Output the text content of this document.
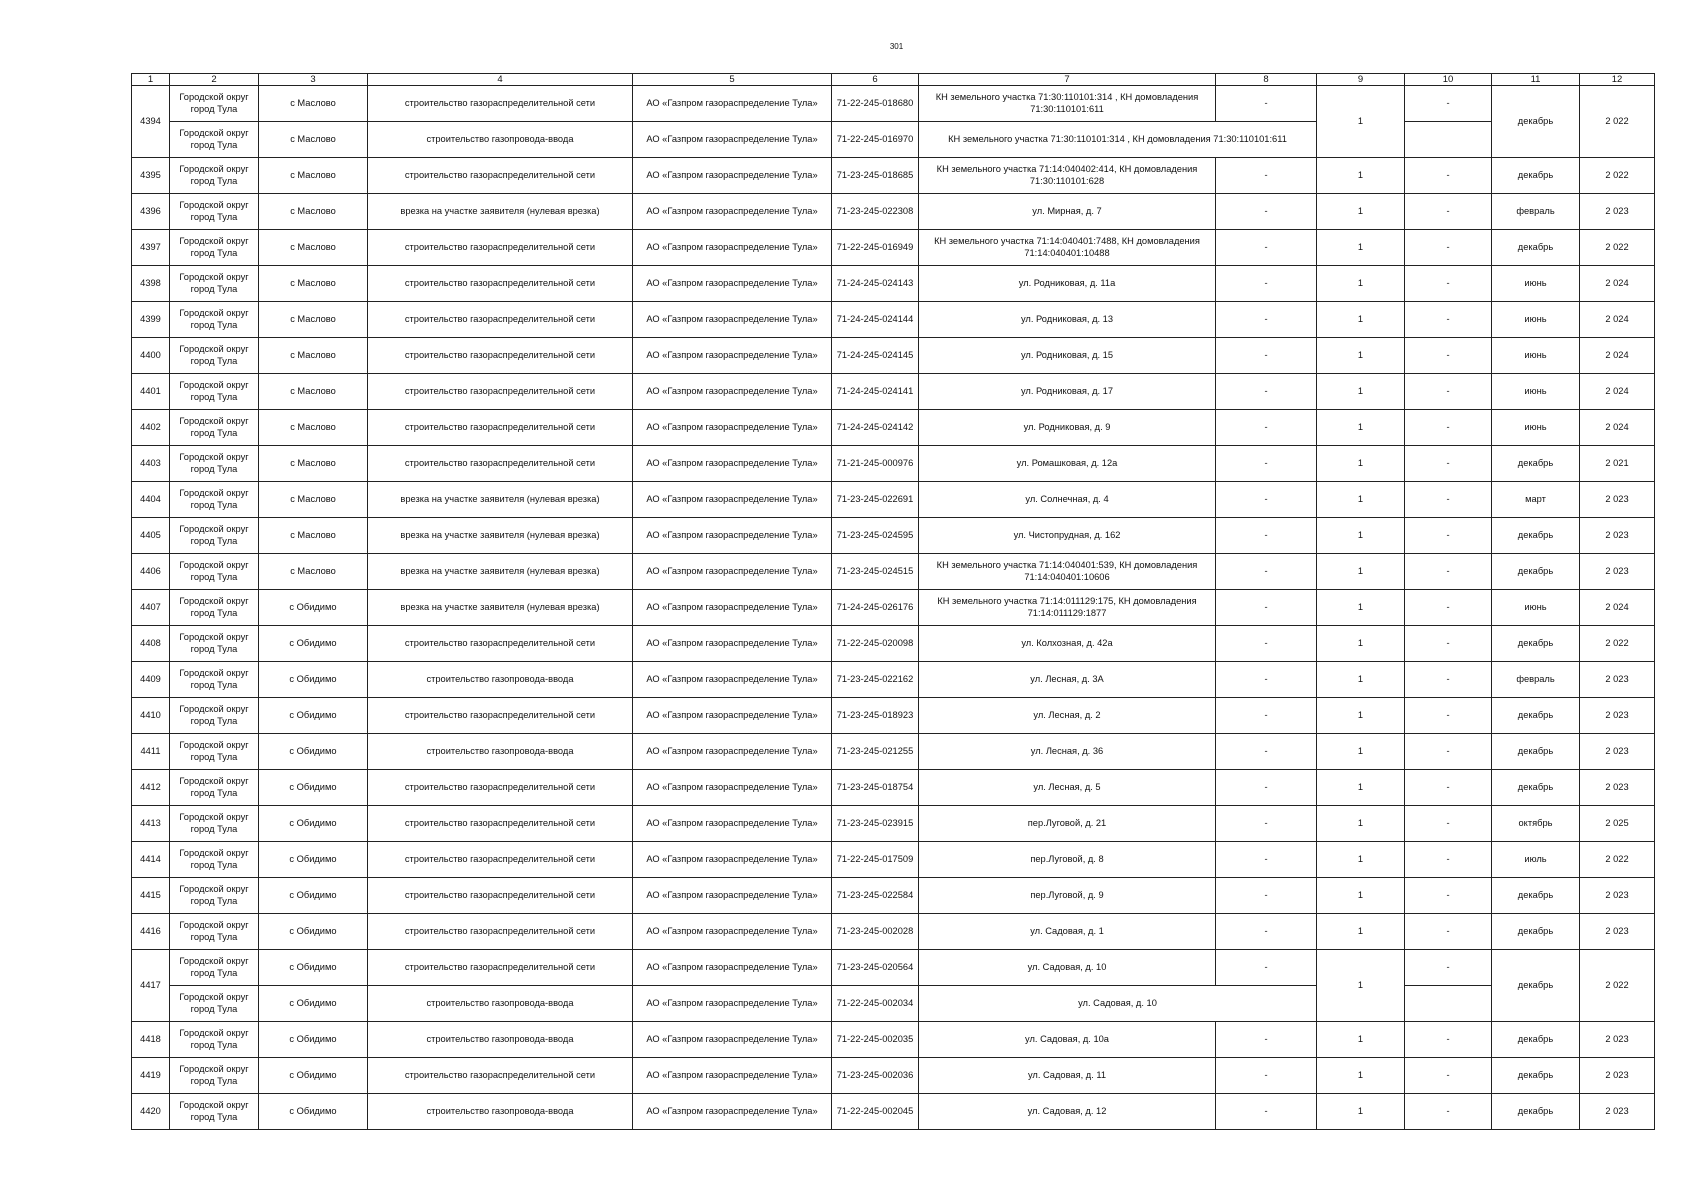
301
1	2	3	4	5	6	7	8	9	10	11	12
4394	Городской округ город Тула	с Маслово	строительство газораспределительной сети	АО «Газпром газораспределение Тула»	71-22-245-018680	КН земельного участка 71:30:110101:314 , КН домовладения 71:30:110101:611	-	1	-	декабрь	2 022
	Городской округ город Тула	с Маслово	строительство газопровода-ввода	АО «Газпром газораспределение Тула»	71-22-245-016970	КН земельного участка 71:30:110101:314 , КН домовладения 71:30:110101:611					
4395	Городской округ город Тула	с Маслово	строительство газораспределительной сети	АО «Газпром газораспределение Тула»	71-23-245-018685	КН земельного участка 71:14:040402:414, КН домовладения 71:30:110101:628	-	1	-	декабрь	2 022
4396	Городской округ город Тула	с Маслово	врезка на участке заявителя (нулевая врезка)	АО «Газпром газораспределение Тула»	71-23-245-022308	ул. Мирная, д. 7	-	1	-	февраль	2 023
4397	Городской округ город Тула	с Маслово	строительство газораспределительной сети	АО «Газпром газораспределение Тула»	71-22-245-016949	КН земельного участка 71:14:040401:7488, КН домовладения 71:14:040401:10488	-	1	-	декабрь	2 022
4398	Городской округ город Тула	с Маслово	строительство газораспределительной сети	АО «Газпром газораспределение Тула»	71-24-245-024143	ул. Родниковая, д. 11а	-	1	-	июнь	2 024
4399	Городской округ город Тула	с Маслово	строительство газораспределительной сети	АО «Газпром газораспределение Тула»	71-24-245-024144	ул. Родниковая, д. 13	-	1	-	июнь	2 024
4400	Городской округ город Тула	с Маслово	строительство газораспределительной сети	АО «Газпром газораспределение Тула»	71-24-245-024145	ул. Родниковая, д. 15	-	1	-	июнь	2 024
4401	Городской округ город Тула	с Маслово	строительство газораспределительной сети	АО «Газпром газораспределение Тула»	71-24-245-024141	ул. Родниковая, д. 17	-	1	-	июнь	2 024
4402	Городской округ город Тула	с Маслово	строительство газораспределительной сети	АО «Газпром газораспределение Тула»	71-24-245-024142	ул. Родниковая, д. 9	-	1	-	июнь	2 024
4403	Городской округ город Тула	с Маслово	строительство газораспределительной сети	АО «Газпром газораспределение Тула»	71-21-245-000976	ул. Ромашковая, д. 12а	-	1	-	декабрь	2 021
4404	Городской округ город Тула	с Маслово	врезка на участке заявителя (нулевая врезка)	АО «Газпром газораспределение Тула»	71-23-245-022691	ул. Солнечная, д. 4	-	1	-	март	2 023
4405	Городской округ город Тула	с Маслово	врезка на участке заявителя (нулевая врезка)	АО «Газпром газораспределение Тула»	71-23-245-024595	ул. Чистопрудная, д. 162	-	1	-	декабрь	2 023
4406	Городской округ город Тула	с Маслово	врезка на участке заявителя (нулевая врезка)	АО «Газпром газораспределение Тула»	71-23-245-024515	КН земельного участка 71:14:040401:539, КН домовладения 71:14:040401:10606	-	1	-	декабрь	2 023
4407	Городской округ город Тула	с Обидимо	врезка на участке заявителя (нулевая врезка)	АО «Газпром газораспределение Тула»	71-24-245-026176	КН земельного участка 71:14:011129:175, КН домовладения 71:14:011129:1877	-	1	-	июнь	2 024
4408	Городской округ город Тула	с Обидимо	строительство газораспределительной сети	АО «Газпром газораспределение Тула»	71-22-245-020098	ул. Колхозная, д. 42а	-	1	-	декабрь	2 022
4409	Городской округ город Тула	с Обидимо	строительство газопровода-ввода	АО «Газпром газораспределение Тула»	71-23-245-022162	ул. Лесная, д. 3А	-	1	-	февраль	2 023
4410	Городской округ город Тула	с Обидимо	строительство газораспределительной сети	АО «Газпром газораспределение Тула»	71-23-245-018923	ул. Лесная, д. 2	-	1	-	декабрь	2 023
4411	Городской округ город Тула	с Обидимо	строительство газопровода-ввода	АО «Газпром газораспределение Тула»	71-23-245-021255	ул. Лесная, д. 36	-	1	-	декабрь	2 023
4412	Городской округ город Тула	с Обидимо	строительство газораспределительной сети	АО «Газпром газораспределение Тула»	71-23-245-018754	ул. Лесная, д. 5	-	1	-	декабрь	2 023
4413	Городской округ город Тула	с Обидимо	строительство газораспределительной сети	АО «Газпром газораспределение Тула»	71-23-245-023915	пер.Луговой, д. 21	-	1	-	октябрь	2 025
4414	Городской округ город Тула	с Обидимо	строительство газораспределительной сети	АО «Газпром газораспределение Тула»	71-22-245-017509	пер.Луговой, д. 8	-	1	-	июль	2 022
4415	Городской округ город Тула	с Обидимо	строительство газораспределительной сети	АО «Газпром газораспределение Тула»	71-23-245-022584	пер.Луговой, д. 9	-	1	-	декабрь	2 023
4416	Городской округ город Тула	с Обидимо	строительство газораспределительной сети	АО «Газпром газораспределение Тула»	71-23-245-002028	ул. Садовая, д. 1	-	1	-	декабрь	2 023
4417	Городской округ город Тула	с Обидимо	строительство газораспределительной сети	АО «Газпром газораспределение Тула»	71-23-245-020564	ул. Садовая, д. 10	-	1	-	декабрь	2 022
	Городской округ город Тула	с Обидимо	строительство газопровода-ввода	АО «Газпром газораспределение Тула»	71-22-245-002034	ул. Садовая, д. 10					
4418	Городской округ город Тула	с Обидимо	строительство газопровода-ввода	АО «Газпром газораспределение Тула»	71-22-245-002035	ул. Садовая, д. 10а	-	1	-	декабрь	2 023
4419	Городской округ город Тула	с Обидимо	строительство газораспределительной сети	АО «Газпром газораспределение Тула»	71-23-245-002036	ул. Садовая, д. 11	-	1	-	декабрь	2 023
4420	Городской округ город Тула	с Обидимо	строительство газопровода-ввода	АО «Газпром газораспределение Тула»	71-22-245-002045	ул. Садовая, д. 12	-	1	-	декабрь	2 023
